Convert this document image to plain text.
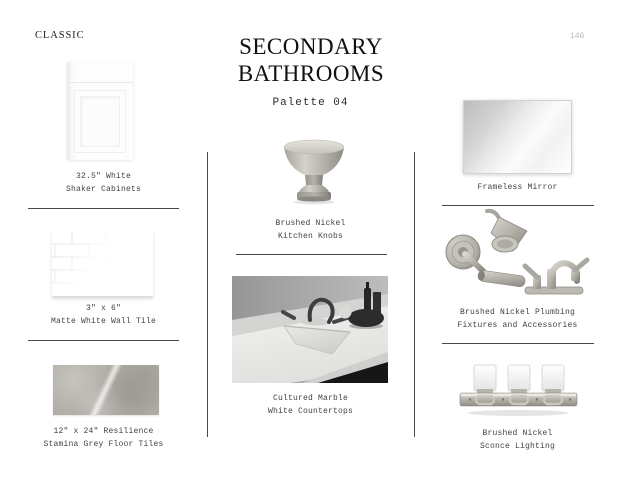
CLASSIC	146
SECONDARY
BATHROOMS
Palette 04
32.5" White
Shaker Cabinets
3" x 6"
Matte White Wall Tile
12" x 24" Resilience
Stamina Grey Floor Tiles
Brushed Nickel
Kitchen Knobs
Cultured Marble
White Countertops
Frameless Mirror
Brushed Nickel Plumbing
Fixtures and Accessories
Brushed Nickel
Sconce Lighting
